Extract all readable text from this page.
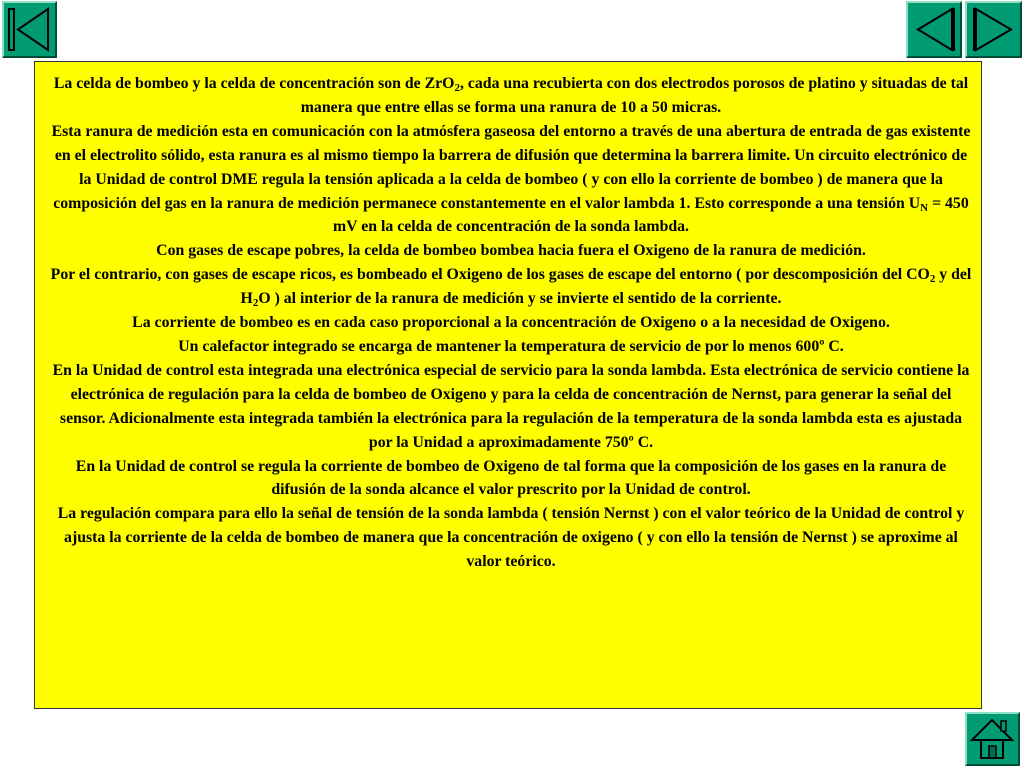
La celda de bombeo y la celda de concentración son de ZrO$_2$, cada una recubierta con dos electrodos porosos de platino y situadas de tal manera que entre ellas se forma una ranura de 10 a 50 micras.

Esta ranura de medición esta en comunicación con la atmósfera gaseosa del entorno a través de una abertura de entrada de gas existente en el electrolito sólido, esta ranura es al mismo tiempo la barrera de difusión que determina la barrera limite. Un circuito electrónico de la Unidad de control DME regula la tensión aplicada a la celda de bombeo ( y con ello la corriente de bombeo ) de manera que la composición del gas en la ranura de medición permanece constantemente en el valor lambda 1. Esto corresponde a una tensión $U_N = 450$ mV en la celda de concentración de la sonda lambda.

Con gases de escape pobres, la celda de bombeo bombea hacia fuera el Oxigeno de la ranura de medición.

Por el contrario, con gases de escape ricos, es bombeado el Oxigeno de los gases de escape del entorno ( por descomposición del $CO_2$ y del $H_2O$ ) al interior de la ranura de medición y se invierte el sentido de la corriente.

La corriente de bombeo es en cada caso proporcional a la concentración de Oxigeno o a la necesidad de Oxigeno.

Un calefactor integrado se encarga de mantener la temperatura de servicio de por lo menos 600º C.

En la Unidad de control esta integrada una electrónica especial de servicio para la sonda lambda. Esta electrónica de servicio contiene la electrónica de regulación para la celda de bombeo de Oxigeno y para la celda de concentración de Nernst, para generar la señal del sensor. Adicionalmente esta integrada también la electrónica para la regulación de la temperatura de la sonda lambda esta es ajustada por la Unidad a aproximadamente 750º C.

En la Unidad de control se regula la corriente de bombeo de Oxigeno de tal forma que la composición de los gases en la ranura de difusión de la sonda alcance el valor prescrito por la Unidad de control.

La regulación compara para ello la señal de tensión de la sonda lambda ( tensión Nernst ) con el valor teórico de la Unidad de control y ajusta la corriente de la celda de bombeo de manera que la concentración de oxigeno ( y con ello la tensión de Nernst ) se aproxime al valor teórico.
